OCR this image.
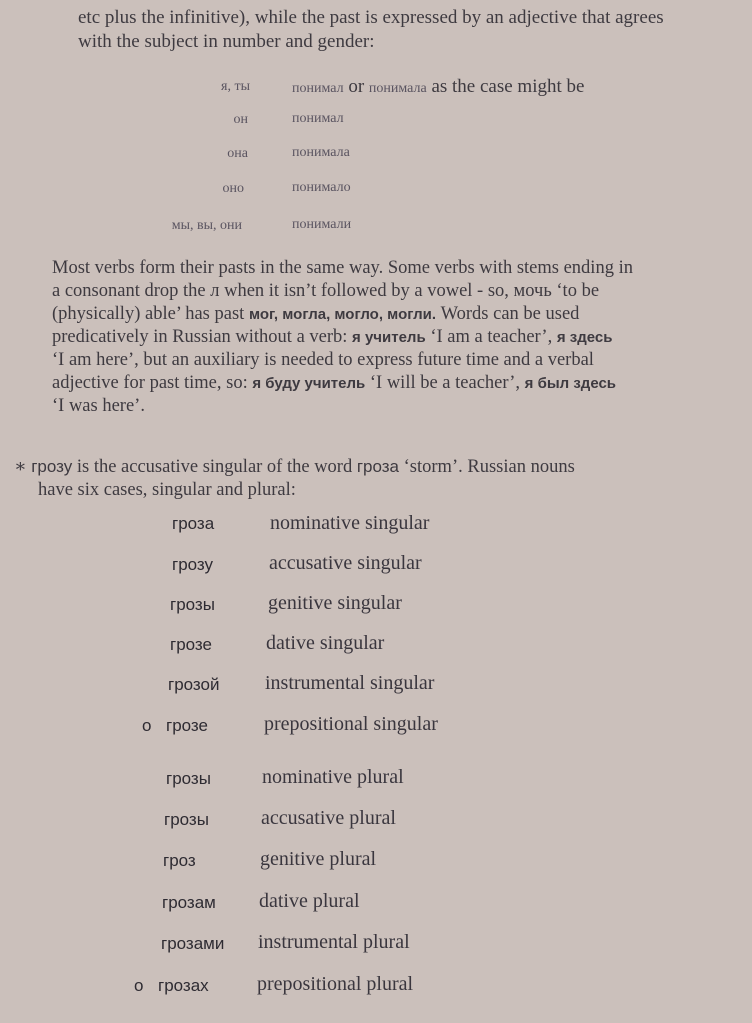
etc plus the infinitive), while the past is expressed by an adjective that agrees
with the subject in number and gender:
я, ты	понимал or понимала as the case might be
он	понимал
она	понимала
оно	понимало
мы, вы, они	понимали
Most verbs form their pasts in the same way. Some verbs with stems ending in
a consonant drop the л when it isn’t followed by a vowel - so, мочь ‘to be
(physically) able’ has past мог, могла, могло, могли. Words can be used
predicatively in Russian without a verb: я учитель ‘I am a teacher’, я здесь
‘I am here’, but an auxiliary is needed to express future time and a verbal
adjective for past time, so: я буду учитель ‘I will be a teacher’, я был здесь
‘I was here’.
∗ грозу is the accusative singular of the word гроза ‘storm’. Russian nouns
have six cases, singular and plural:
гроза	nominative singular
грозу	accusative singular
грозы	genitive singular
грозе	dative singular
грозой instrumental singular
о грозе	prepositional singular
грозы	nominative plural
грозы	accusative plural
гроз	genitive plural
грозам dative plural
грозами instrumental plural
о грозах prepositional plural
